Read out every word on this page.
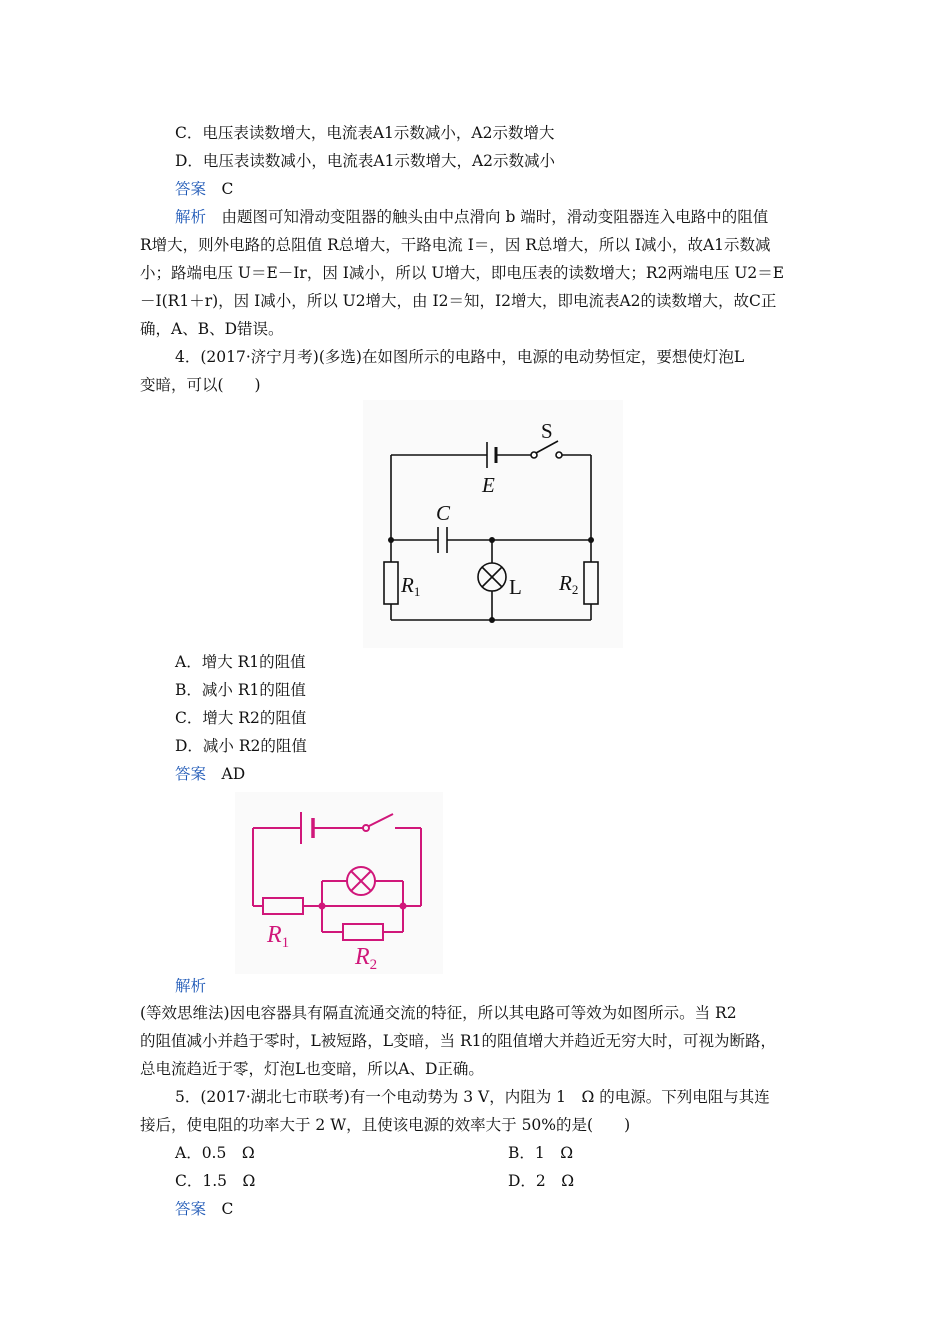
C．电压表读数增大，电流表A1示数减小，A2示数增大
D．电压表读数减小，电流表A1示数增大，A2示数减小
答案　 C
解析　 由题图可知滑动变阻器的触头由中点滑向 b 端时，滑动变阻器连入电路中的阻值
R增大，则外电路的总阻值 R总增大，干路电流 I＝，因 R总增大，所以 I减小，故A1示数减
小；路端电压 U＝E－Ir，因 I减小，所以 U增大，即电压表的读数增大；R2两端电压 U2＝E
－I(R1＋r)，因 I减小，所以 U2增大，由 I2＝知，I2增大，即电流表A2的读数增大，故C正
确，A、B、D错误。
4．(2017·济宁月考)(多选)在如图所示的电路中，电源的电动势恒定，要想使灯泡L
变暗，可以(　　)
S
E
C
R1	R2
L
A．增大 R1的阻值
B．减小 R1的阻值
C．增大 R2的阻值
D．减小 R2的阻值
答案　 AD
$R_1$
$R_2$
解析
(等效思维法)因电容器具有隔直流通交流的特征，所以其电路可等效为如图所示。当 R2
的阻值减小并趋于零时，L被短路，L变暗，当 R1的阻值增大并趋近无穷大时，可视为断路，
总电流趋近于零，灯泡L也变暗，所以A、D正确。
5．(2017·湖北七市联考)有一个电动势为 3 V，内阻为 1　Ω 的电源。下列电阻与其连
接后，使电阻的功率大于 2 W，且使该电源的效率大于 50%的是(　　)
A．0.5　Ω	B．1　Ω
C．1.5　Ω	D．2　Ω
答案　 C
